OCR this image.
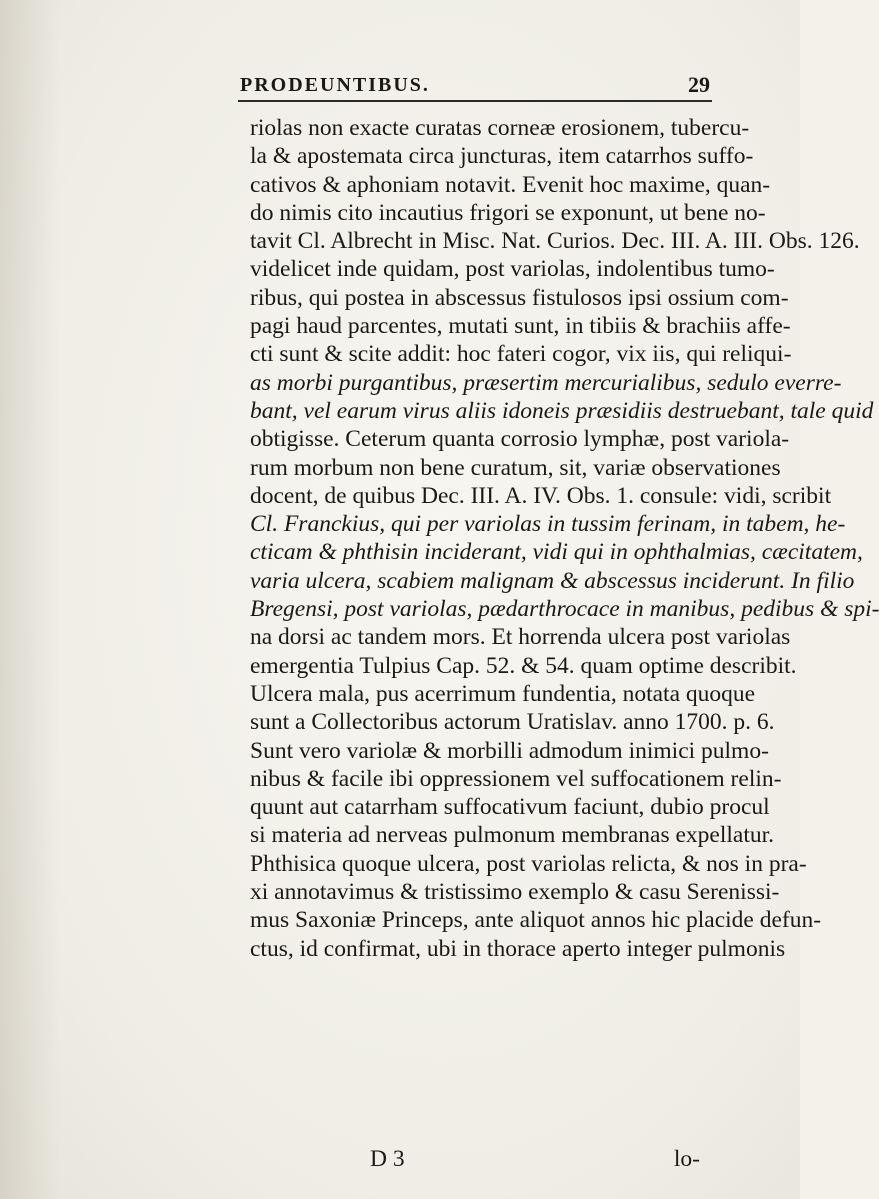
PRODEUNTIBUS.	29
riolas non exacte curatas corneæ erosionem, tubercu-
la & apostemata circa juncturas, item catarrhos suffo-
cativos & aphoniam notavit. Evenit hoc maxime, quan-
do nimis cito incautius frigori se exponunt, ut bene no-
tavit Cl. Albrecht in Misc. Nat. Curios. Dec. III. A. III. Obs. 126.
videlicet inde quidam, post variolas, indolentibus tumo-
ribus, qui postea in abscessus fistulosos ipsi ossium com-
pagi haud parcentes, mutati sunt, in tibiis & brachiis affe-
cti sunt & scite addit: hoc fateri cogor, vix iis, qui reliqui-
as morbi purgantibus, præsertim mercurialibus, sedulo everre-
bant, vel earum virus aliis idoneis præsidiis destruebant, tale quid
obtigisse. Ceterum quanta corrosio lymphæ, post variola-
rum morbum non bene curatum, sit, variæ observationes
docent, de quibus Dec. III. A. IV. Obs. 1. consule: vidi, scribit
Cl. Franckius, qui per variolas in tussim ferinam, in tabem, he-
cticam & phthisin inciderant, vidi qui in ophthalmias, cæcitatem,
varia ulcera, scabiem malignam & abscessus inciderunt. In filio
Bregensi, post variolas, pædarthrocace in manibus, pedibus & spi-
na dorsi ac tandem mors. Et horrenda ulcera post variolas
emergentia Tulpius Cap. 52. & 54. quam optime describit.
Ulcera mala, pus acerrimum fundentia, notata quoque
sunt a Collectoribus actorum Uratislav. anno 1700. p. 6.
Sunt vero variolæ & morbilli admodum inimici pulmo-
nibus & facile ibi oppressionem vel suffocationem relin-
quunt aut catarrham suffocativum faciunt, dubio procul
si materia ad nerveas pulmonum membranas expellatur.
Phthisica quoque ulcera, post variolas relicta, & nos in pra-
xi annotavimus & tristissimo exemplo & casu Serenissi-
mus Saxoniæ Princeps, ante aliquot annos hic placide defun-
ctus, id confirmat, ubi in thorace aperto integer pulmonis
D 3	lo-
